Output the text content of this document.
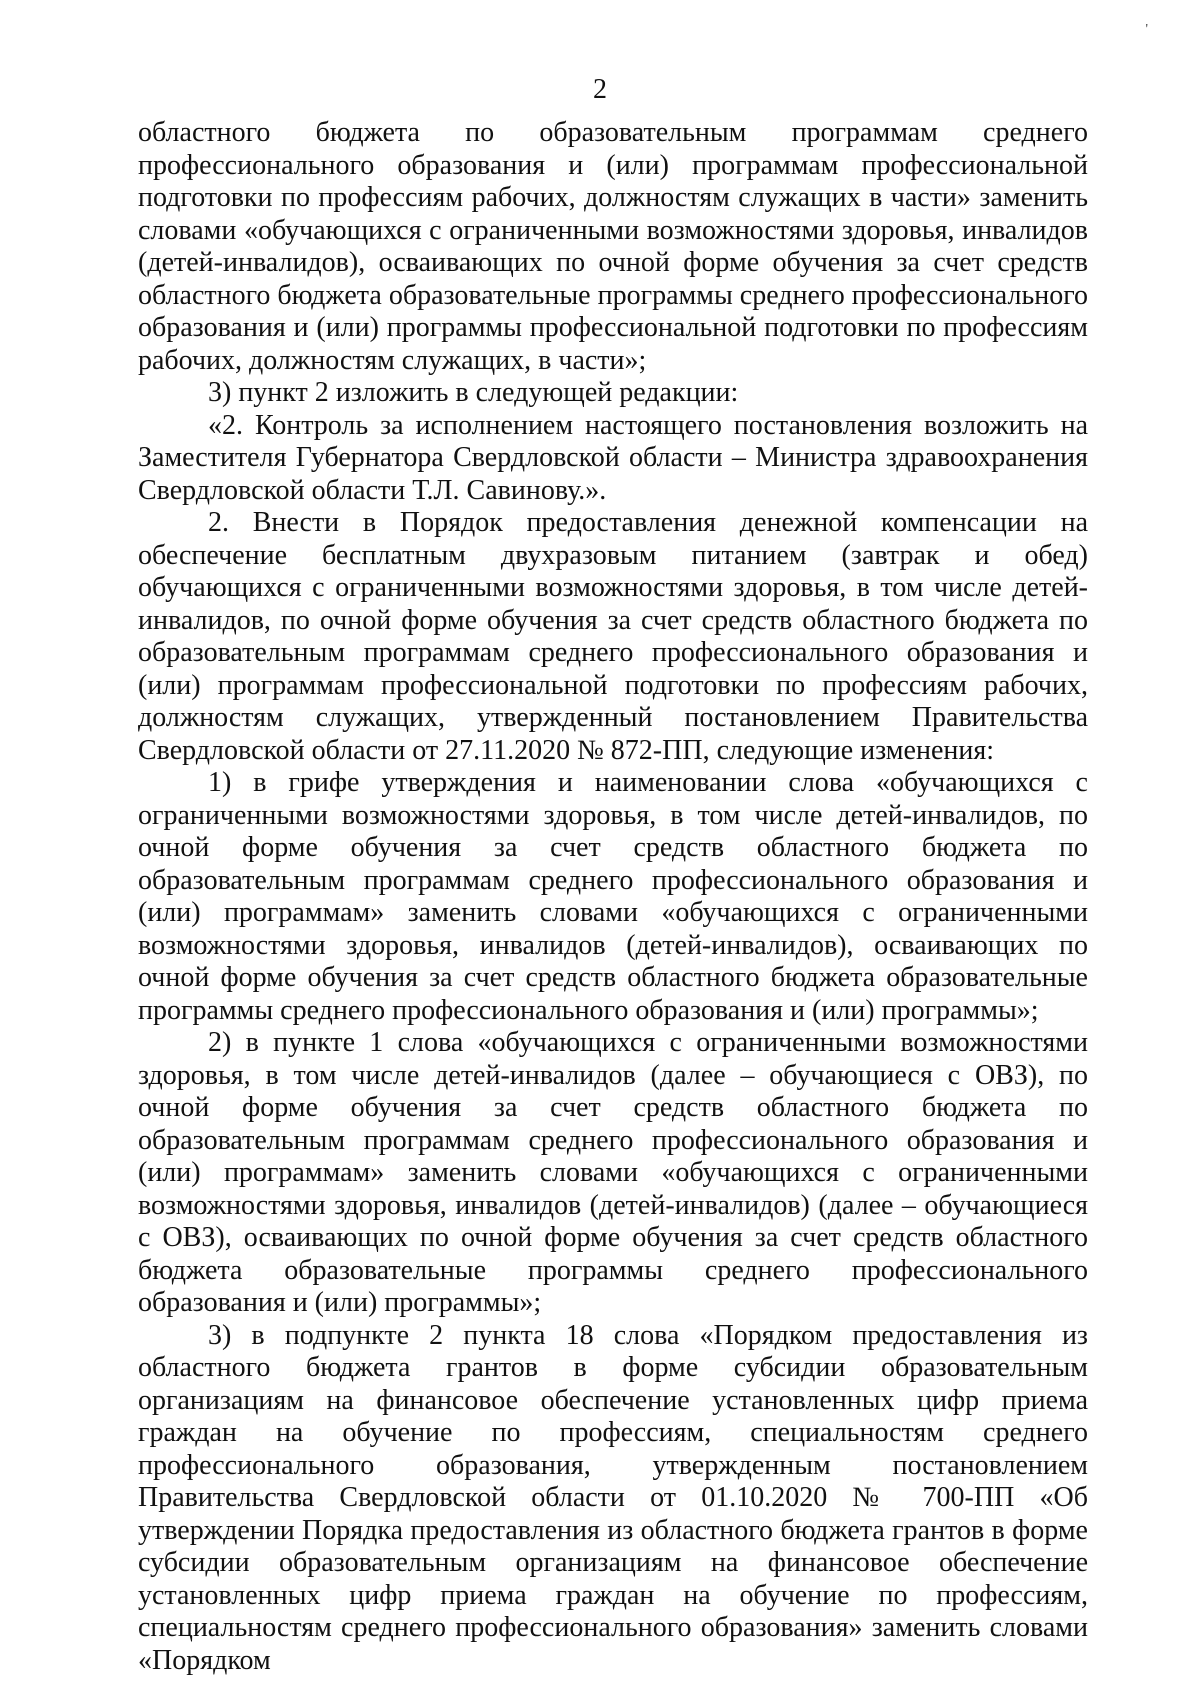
'
2

областного бюджета по образовательным программам среднего профессионального образования и (или) программам профессиональной подготовки по профессиям рабочих, должностям служащих в части» заменить словами «обучающихся с ограниченными возможностями здоровья, инвалидов (детей-инвалидов), осваивающих по очной форме обучения за счет средств областного бюджета образовательные программы среднего профессионального образования и (или) программы профессиональной подготовки по профессиям рабочих, должностям служащих, в части»;

3) пункт 2 изложить в следующей редакции:

«2. Контроль за исполнением настоящего постановления возложить на Заместителя Губернатора Свердловской области – Министра здравоохранения Свердловской области Т.Л. Савинову.».

2. Внести в Порядок предоставления денежной компенсации на обеспечение бесплатным двухразовым питанием (завтрак и обед) обучающихся с ограниченными возможностями здоровья, в том числе детей-инвалидов, по очной форме обучения за счет средств областного бюджета по образовательным программам среднего профессионального образования и (или) программам профессиональной подготовки по профессиям рабочих, должностям служащих, утвержденный постановлением Правительства Свердловской области от 27.11.2020 № 872-ПП, следующие изменения:

1) в грифе утверждения и наименовании слова «обучающихся с ограниченными возможностями здоровья, в том числе детей-инвалидов, по очной форме обучения за счет средств областного бюджета по образовательным программам среднего профессионального образования и (или) программам» заменить словами «обучающихся с ограниченными возможностями здоровья, инвалидов (детей-инвалидов), осваивающих по очной форме обучения за счет средств областного бюджета образовательные программы среднего профессионального образования и (или) программы»;

2) в пункте 1 слова «обучающихся с ограниченными возможностями здоровья, в том числе детей-инвалидов (далее – обучающиеся с ОВЗ), по очной форме обучения за счет средств областного бюджета по образовательным программам среднего профессионального образования и (или) программам» заменить словами «обучающихся с ограниченными возможностями здоровья, инвалидов (детей-инвалидов) (далее – обучающиеся с ОВЗ), осваивающих по очной форме обучения за счет средств областного бюджета образовательные программы среднего профессионального образования и (или) программы»;

3) в подпункте 2 пункта 18 слова «Порядком предоставления из областного бюджета грантов в форме субсидии образовательным организациям на финансовое обеспечение установленных цифр приема граждан на обучение по профессиям, специальностям среднего профессионального образования, утвержденным постановлением Правительства Свердловской области от 01.10.2020 № 700-ПП «Об утверждении Порядка предоставления из областного бюджета грантов в форме субсидии образовательным организациям на финансовое обеспечение установленных цифр приема граждан на обучение по профессиям, специальностям среднего профессионального образования» заменить словами «Порядком
